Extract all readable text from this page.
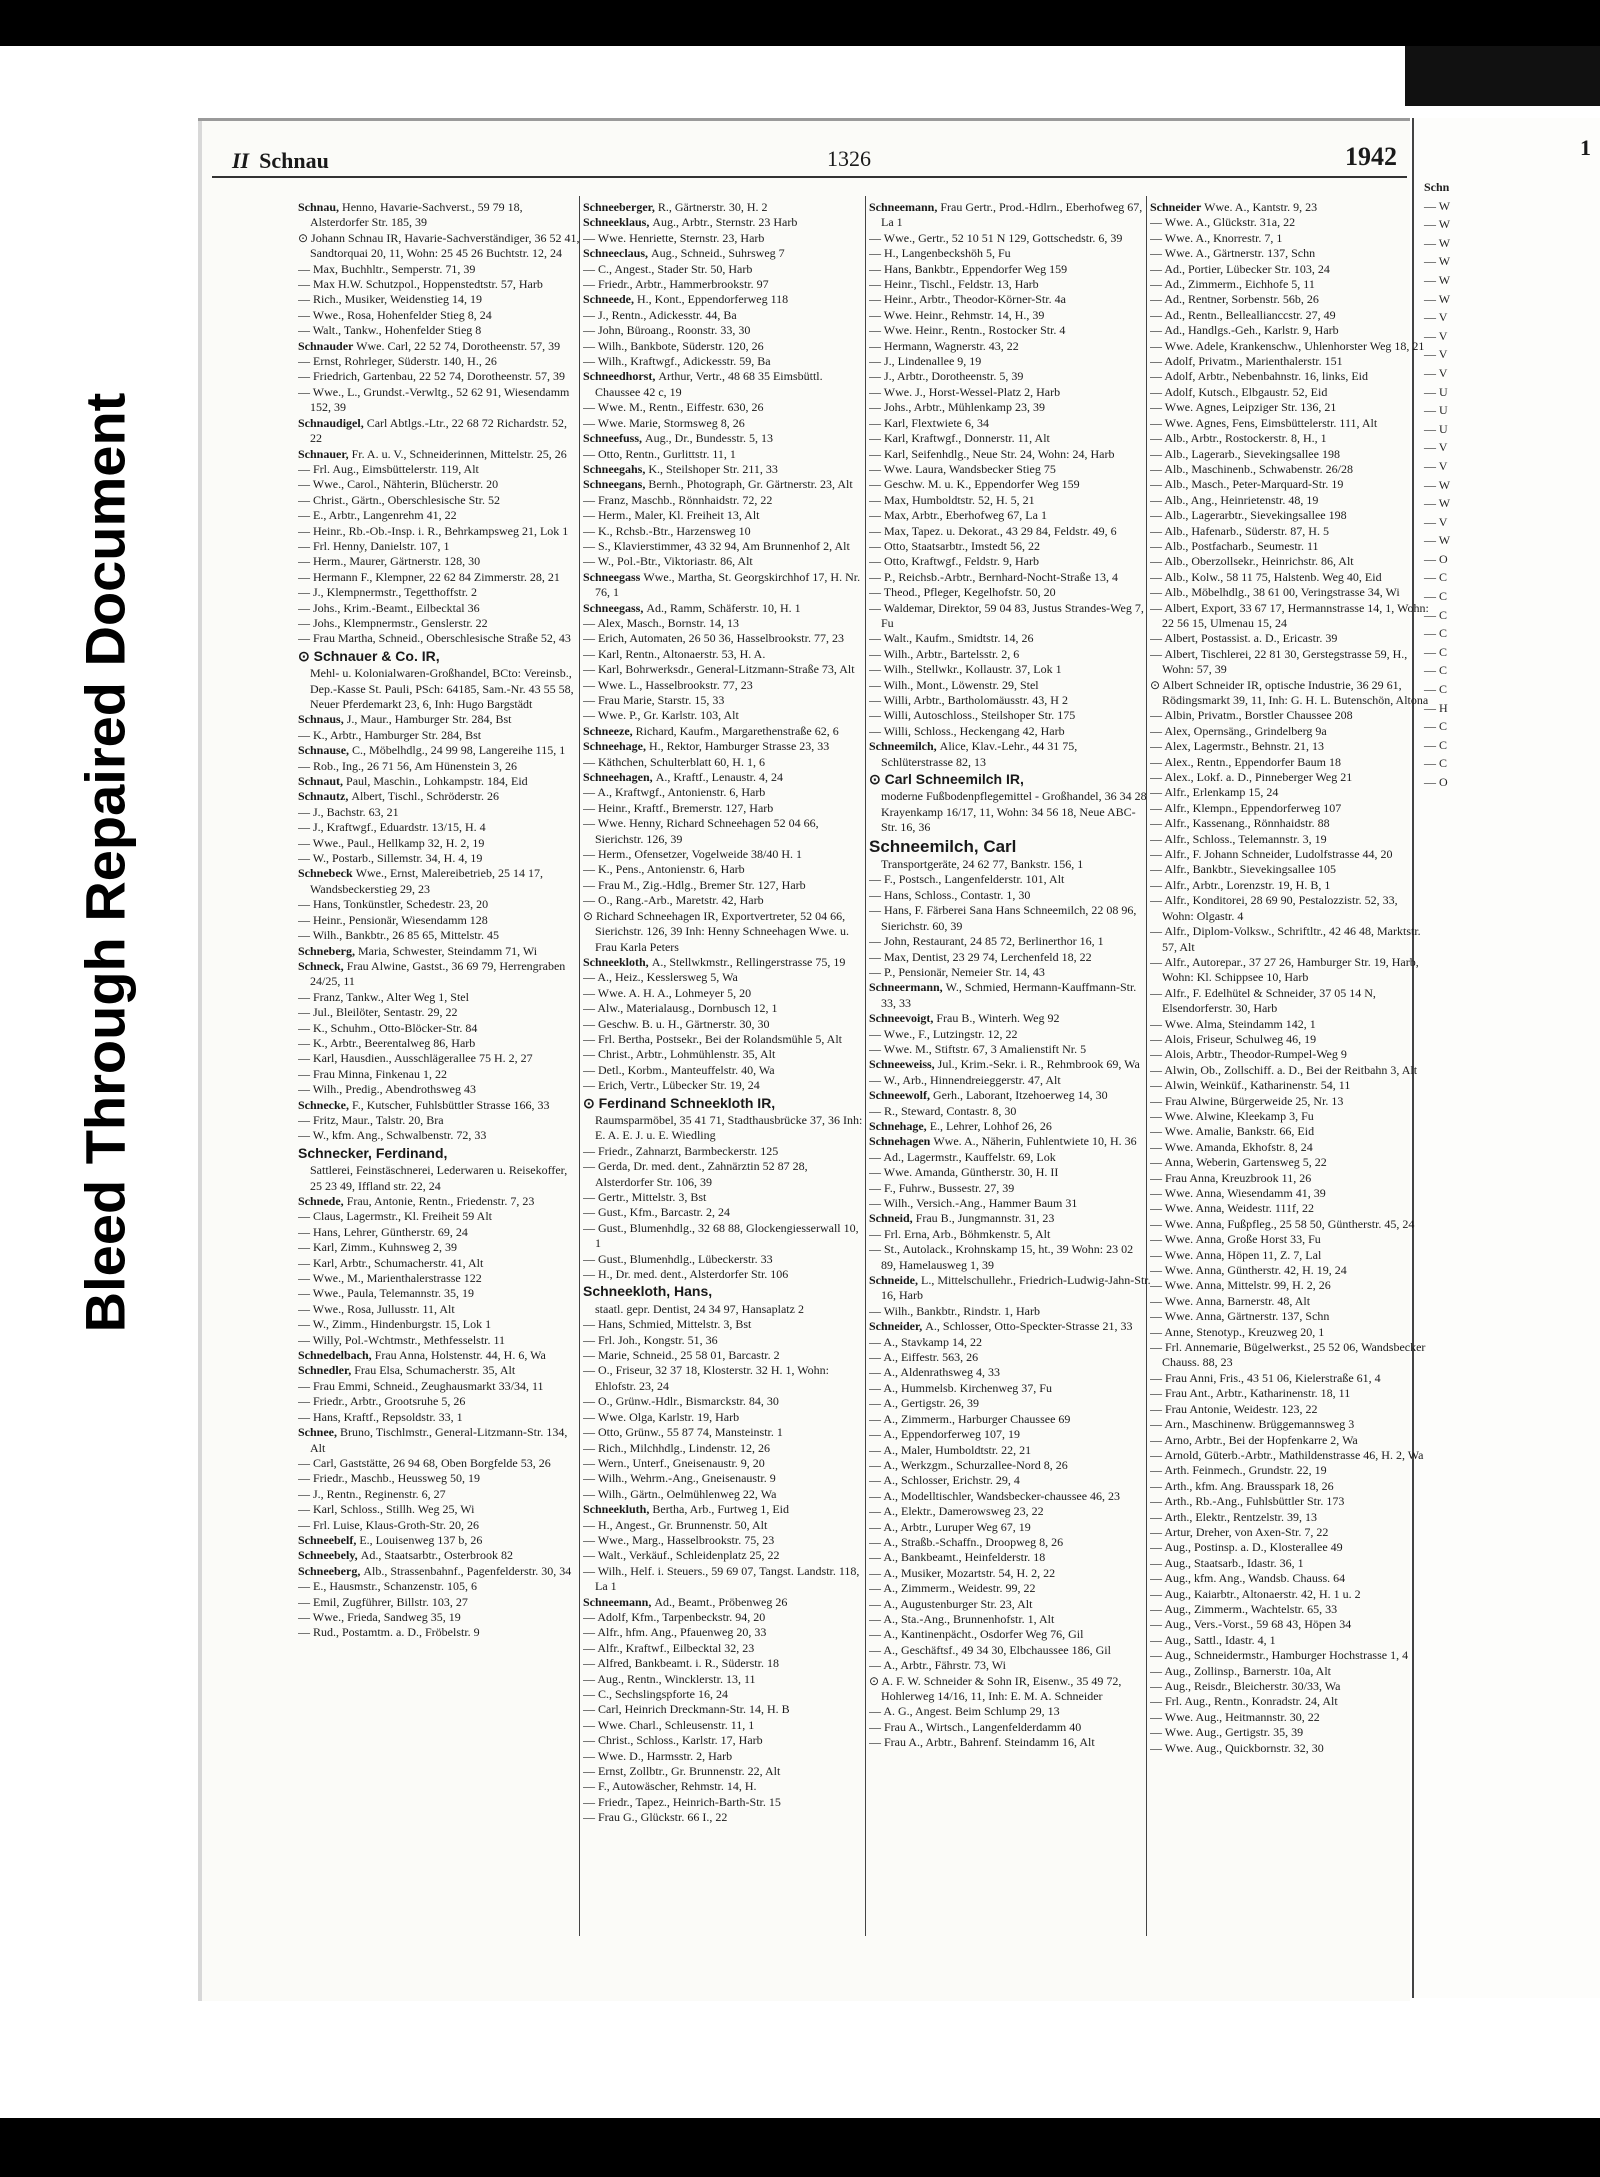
Bleed Through Repaired Document
1
Schn
— W
— W
— W
— W
— W
— W
— V
— V
— V
— V
— U
— U
— U
— V
— V
— W
— W
— V
— W
— O
— C
— C
— C
— C
— C
— C
— C
— H
— C
— C
— C
— O
II Schnau	1326	1942
Schnau, Henno, Havarie-Sachverst., 59 79 18, Alsterdorfer Str. 185, 39
⊙ Johann Schnau IR, Havarie-Sachverständiger, 36 52 41, Sandtorquai 20, 11, Wohn: 25 45 26 Buchtstr. 12, 24
— Max, Buchhltr., Semperstr. 71, 39
— Max H.W. Schutzpol., Hoppenstedtstr. 57, Harb
— Rich., Musiker, Weidenstieg 14, 19
— Wwe., Rosa, Hohenfelder Stieg 8, 24
— Walt., Tankw., Hohenfelder Stieg 8
Schnauder Wwe. Carl, 22 52 74, Dorotheenstr. 57, 39
— Ernst, Rohrleger, Süderstr. 140, H., 26
— Friedrich, Gartenbau, 22 52 74, Dorotheenstr. 57, 39
— Wwe., L., Grundst.-Verwltg., 52 62 91, Wiesendamm 152, 39
Schnaudigel, Carl Abtlgs.-Ltr., 22 68 72 Richardstr. 52, 22
Schnauer, Fr. A. u. V., Schneiderinnen, Mittelstr. 25, 26
— Frl. Aug., Eimsbüttelerstr. 119, Alt
— Wwe., Carol., Nähterin, Blücherstr. 20
— Christ., Gärtn., Oberschlesische Str. 52
— E., Arbtr., Langenrehm 41, 22
— Heinr., Rb.-Ob.-Insp. i. R., Behrkampsweg 21, Lok 1
— Frl. Henny, Danielstr. 107, 1
— Herm., Maurer, Gärtnerstr. 128, 30
— Hermann F., Klempner, 22 62 84 Zimmerstr. 28, 21
— J., Klempnermstr., Tegetthoffstr. 2
— Johs., Krim.-Beamt., Eilbecktal 36
— Johs., Klempnermstr., Genslerstr. 22
— Frau Martha, Schneid., Oberschlesische Straße 52, 43
⊙ Schnauer & Co. IR,
Mehl- u. Kolonialwaren-Großhandel, BCto: Vereinsb., Dep.-Kasse St. Pauli, PSch: 64185, Sam.-Nr. 43 55 58, Neuer Pferdemarkt 23, 6, Inh: Hugo Bargstädt
Schnaus, J., Maur., Hamburger Str. 284, Bst
— K., Arbtr., Hamburger Str. 284, Bst
Schnause, C., Möbelhdlg., 24 99 98, Langereihe 115, 1
— Rob., Ing., 26 71 56, Am Hünenstein 3, 26
Schnaut, Paul, Maschin., Lohkampstr. 184, Eid
Schnautz, Albert, Tischl., Schröderstr. 26
— J., Bachstr. 63, 21
— J., Kraftwgf., Eduardstr. 13/15, H. 4
— Wwe., Paul., Hellkamp 32, H. 2, 19
— W., Postarb., Sillemstr. 34, H. 4, 19
Schnebeck Wwe., Ernst, Malereibetrieb, 25 14 17, Wandsbeckerstieg 29, 23
— Hans, Tonkünstler, Schedestr. 23, 20
— Heinr., Pensionär, Wiesendamm 128
— Wilh., Bankbtr., 26 85 65, Mittelstr. 45
Schneberg, Maria, Schwester, Steindamm 71, Wi
Schneck, Frau Alwine, Gastst., 36 69 79, Herrengraben 24/25, 11
— Franz, Tankw., Alter Weg 1, Stel
— Jul., Bleilöter, Sentastr. 29, 22
— K., Schuhm., Otto-Blöcker-Str. 84
— K., Arbtr., Beerentalweg 86, Harb
— Karl, Hausdien., Ausschlägerallee 75 H. 2, 27
— Frau Minna, Finkenau 1, 22
— Wilh., Predig., Abendrothsweg 43
Schnecke, F., Kutscher, Fuhlsbüttler Strasse 166, 33
— Fritz, Maur., Talstr. 20, Bra
— W., kfm. Ang., Schwalbenstr. 72, 33
Schnecker, Ferdinand,
Sattlerei, Feinstäschnerei, Lederwaren u. Reisekoffer, 25 23 49, Iffland str. 22, 24
Schnede, Frau, Antonie, Rentn., Friedenstr. 7, 23
— Claus, Lagermstr., Kl. Freiheit 59 Alt
— Hans, Lehrer, Güntherstr. 69, 24
— Karl, Zimm., Kuhnsweg 2, 39
— Karl, Arbtr., Schumacherstr. 41, Alt
— Wwe., M., Marienthalerstrasse 122
— Wwe., Paula, Telemannstr. 35, 19
— Wwe., Rosa, Jullusstr. 11, Alt
— W., Zimm., Hindenburgstr. 15, Lok 1
— Willy, Pol.-Wchtmstr., Methfesselstr. 11
Schnedelbach, Frau Anna, Holstenstr. 44, H. 6, Wa
Schnedler, Frau Elsa, Schumacherstr. 35, Alt
— Frau Emmi, Schneid., Zeughausmarkt 33/34, 11
— Friedr., Arbtr., Grootsruhe 5, 26
— Hans, Kraftf., Repsoldstr. 33, 1
Schnee, Bruno, Tischlmstr., General-Litzmann-Str. 134, Alt
— Carl, Gaststätte, 26 94 68, Oben Borgfelde 53, 26
— Friedr., Maschb., Heussweg 50, 19
— J., Rentn., Reginenstr. 6, 27
— Karl, Schloss., Stillh. Weg 25, Wi
— Frl. Luise, Klaus-Groth-Str. 20, 26
Schneebelf, E., Louisenweg 137 b, 26
Schneebely, Ad., Staatsarbtr., Osterbrook 82
Schneeberg, Alb., Strassenbahnf., Pagenfelderstr. 30, 34
— E., Hausmstr., Schanzenstr. 105, 6
— Emil, Zugführer, Billstr. 103, 27
— Wwe., Frieda, Sandweg 35, 19
— Rud., Postamtm. a. D., Fröbelstr. 9
Schneeberger, R., Gärtnerstr. 30, H. 2
Schneeklaus, Aug., Arbtr., Sternstr. 23 Harb
— Wwe. Henriette, Sternstr. 23, Harb
Schneeclaus, Aug., Schneid., Suhrsweg 7
— C., Angest., Stader Str. 50, Harb
— Friedr., Arbtr., Hammerbrookstr. 97
Schneede, H., Kont., Eppendorferweg 118
— J., Rentn., Adickesstr. 44, Ba
— John, Büroang., Roonstr. 33, 30
— Wilh., Bankbote, Süderstr. 120, 26
— Wilh., Kraftwgf., Adickesstr. 59, Ba
Schneedhorst, Arthur, Vertr., 48 68 35 Eimsbüttl. Chaussee 42 c, 19
— Wwe. M., Rentn., Eiffestr. 630, 26
— Wwe. Marie, Stormsweg 8, 26
Schneefuss, Aug., Dr., Bundesstr. 5, 13
— Otto, Rentn., Gurlittstr. 11, 1
Schneegahs, K., Steilshoper Str. 211, 33
Schneegans, Bernh., Photograph, Gr. Gärtnerstr. 23, Alt
— Franz, Maschb., Rönnhaidstr. 72, 22
— Herm., Maler, Kl. Freiheit 13, Alt
— K., Rchsb.-Btr., Harzensweg 10
— S., Klavierstimmer, 43 32 94, Am Brunnenhof 2, Alt
— W., Pol.-Btr., Viktoriastr. 86, Alt
Schneegass Wwe., Martha, St. Georgskirchhof 17, H. Nr. 76, 1
Schneegass, Ad., Ramm, Schäferstr. 10, H. 1
— Alex, Masch., Bornstr. 14, 13
— Erich, Automaten, 26 50 36, Hasselbrookstr. 77, 23
— Karl, Rentn., Altonaerstr. 53, H. A.
— Karl, Bohrwerksdr., General-Litzmann-Straße 73, Alt
— Wwe. L., Hasselbrookstr. 77, 23
— Frau Marie, Starstr. 15, 33
— Wwe. P., Gr. Karlstr. 103, Alt
Schneeze, Richard, Kaufm., Margarethenstraße 62, 6
Schneehage, H., Rektor, Hamburger Strasse 23, 33
— Käthchen, Schulterblatt 60, H. 1, 6
Schneehagen, A., Kraftf., Lenaustr. 4, 24
— A., Kraftwgf., Antonienstr. 6, Harb
— Heinr., Kraftf., Bremerstr. 127, Harb
— Wwe. Henny, Richard Schneehagen 52 04 66, Sierichstr. 126, 39
— Herm., Ofensetzer, Vogelweide 38/40 H. 1
— K., Pens., Antonienstr. 6, Harb
— Frau M., Zig.-Hdlg., Bremer Str. 127, Harb
— O., Rang.-Arb., Maretstr. 42, Harb
⊙ Richard Schneehagen IR, Exportvertreter, 52 04 66, Sierichstr. 126, 39 Inh: Henny Schneehagen Wwe. u. Frau Karla Peters
Schneekloth, A., Stellwkmstr., Rellingerstrasse 75, 19
— A., Heiz., Kesslersweg 5, Wa
— Wwe. A. H. A., Lohmeyer 5, 20
— Alw., Materialausg., Dornbusch 12, 1
— Geschw. B. u. H., Gärtnerstr. 30, 30
— Frl. Bertha, Postsekr., Bei der Rolandsmühle 5, Alt
— Christ., Arbtr., Lohmühlenstr. 35, Alt
— Detl., Korbm., Manteuffelstr. 40, Wa
— Erich, Vertr., Lübecker Str. 19, 24
⊙ Ferdinand Schneekloth IR,
Raumsparmöbel, 35 41 71, Stadthausbrücke 37, 36 Inh: E. A. E. J. u. E. Wiedling
— Friedr., Zahnarzt, Barmbeckerstr. 125
— Gerda, Dr. med. dent., Zahnärztin 52 87 28, Alsterdorfer Str. 106, 39
— Gertr., Mittelstr. 3, Bst
— Gust., Kfm., Barcastr. 2, 24
— Gust., Blumenhdlg., 32 68 88, Glockengiesserwall 10, 1
— Gust., Blumenhdlg., Lübeckerstr. 33
— H., Dr. med. dent., Alsterdorfer Str. 106
Schneekloth, Hans,
staatl. gepr. Dentist, 24 34 97, Hansaplatz 2
— Hans, Schmied, Mittelstr. 3, Bst
— Frl. Joh., Kongstr. 51, 36
— Marie, Schneid., 25 58 01, Barcastr. 2
— O., Friseur, 32 37 18, Klosterstr. 32 H. 1, Wohn: Ehlofstr. 23, 24
— O., Grünw.-Hdlr., Bismarckstr. 84, 30
— Wwe. Olga, Karlstr. 19, Harb
— Otto, Grünw., 55 87 74, Mansteinstr. 1
— Rich., Milchhdlg., Lindenstr. 12, 26
— Wern., Unterf., Gneisenaustr. 9, 20
— Wilh., Wehrm.-Ang., Gneisenaustr. 9
— Wilh., Gärtn., Oelmühlenweg 22, Wa
Schneekluth, Bertha, Arb., Furtweg 1, Eid
— H., Angest., Gr. Brunnenstr. 50, Alt
— Wwe., Marg., Hasselbrookstr. 75, 23
— Walt., Verkäuf., Schleidenplatz 25, 22
— Wilh., Helf. i. Steuers., 59 69 07, Tangst. Landstr. 118, La 1
Schneemann, Ad., Beamt., Pröbenweg 26
— Adolf, Kfm., Tarpenbeckstr. 94, 20
— Alfr., hfm. Ang., Pfauenweg 20, 33
— Alfr., Kraftwf., Eilbecktal 32, 23
— Alfred, Bankbeamt. i. R., Süderstr. 18
— Aug., Rentn., Wincklerstr. 13, 11
— C., Sechslingspforte 16, 24
— Carl, Heinrich Dreckmann-Str. 14, H. B
— Wwe. Charl., Schleusenstr. 11, 1
— Christ., Schloss., Karlstr. 17, Harb
— Wwe. D., Harmsstr. 2, Harb
— Ernst, Zollbtr., Gr. Brunnenstr. 22, Alt
— F., Autowäscher, Rehmstr. 14, H.
— Friedr., Tapez., Heinrich-Barth-Str. 15
— Frau G., Glückstr. 66 I., 22
Schneemann, Frau Gertr., Prod.-Hdlrn., Eberhofweg 67, La 1
— Wwe., Gertr., 52 10 51 N 129, Gottschedstr. 6, 39
— H., Langenbeckshöh 5, Fu
— Hans, Bankbtr., Eppendorfer Weg 159
— Heinr., Tischl., Feldstr. 13, Harb
— Heinr., Arbtr., Theodor-Körner-Str. 4a
— Wwe. Heinr., Rehmstr. 14, H., 39
— Wwe. Heinr., Rentn., Rostocker Str. 4
— Hermann, Wagnerstr. 43, 22
— J., Lindenallee 9, 19
— J., Arbtr., Dorotheenstr. 5, 39
— Wwe. J., Horst-Wessel-Platz 2, Harb
— Johs., Arbtr., Mühlenkamp 23, 39
— Karl, Flextwiete 6, 34
— Karl, Kraftwgf., Donnerstr. 11, Alt
— Karl, Seifenhdlg., Neue Str. 24, Wohn: 24, Harb
— Wwe. Laura, Wandsbecker Stieg 75
— Geschw. M. u. K., Eppendorfer Weg 159
— Max, Humboldtstr. 52, H. 5, 21
— Max, Arbtr., Eberhofweg 67, La 1
— Max, Tapez. u. Dekorat., 43 29 84, Feldstr. 49, 6
— Otto, Staatsarbtr., Imstedt 56, 22
— Otto, Kraftwgf., Feldstr. 9, Harb
— P., Reichsb.-Arbtr., Bernhard-Nocht-Straße 13, 4
— Theod., Pfleger, Kegelhofstr. 50, 20
— Waldemar, Direktor, 59 04 83, Justus Strandes-Weg 7, Fu
— Walt., Kaufm., Smidtstr. 14, 26
— Wilh., Arbtr., Bartelsstr. 2, 6
— Wilh., Stellwkr., Kollaustr. 37, Lok 1
— Wilh., Mont., Löwenstr. 29, Stel
— Willi, Arbtr., Bartholomäusstr. 43, H 2
— Willi, Autoschloss., Steilshoper Str. 175
— Willi, Schloss., Heckengang 42, Harb
Schneemilch, Alice, Klav.-Lehr., 44 31 75, Schlüterstrasse 82, 13
⊙ Carl Schneemilch IR,
moderne Fußbodenpflegemittel - Großhandel, 36 34 28 Krayenkamp 16/17, 11, Wohn: 34 56 18, Neue ABC-Str. 16, 36
Schneemilch, Carl
Transportgeräte, 24 62 77, Bankstr. 156, 1
— F., Postsch., Langenfelderstr. 101, Alt
— Hans, Schloss., Contastr. 1, 30
— Hans, F. Färberei Sana Hans Schneemilch, 22 08 96, Sierichstr. 60, 39
— John, Restaurant, 24 85 72, Berlinerthor 16, 1
— Max, Dentist, 23 29 74, Lerchenfeld 18, 22
— P., Pensionär, Nemeier Str. 14, 43
Schneermann, W., Schmied, Hermann-Kauffmann-Str. 33, 33
Schneevoigt, Frau B., Winterh. Weg 92
— Wwe., F., Lutzingstr. 12, 22
— Wwe. M., Stiftstr. 67, 3 Amalienstift Nr. 5
Schneeweiss, Jul., Krim.-Sekr. i. R., Rehmbrook 69, Wa
— W., Arb., Hinnendreieggerstr. 47, Alt
Schneewolf, Gerh., Laborant, Itzehoerweg 14, 30
— R., Steward, Contastr. 8, 30
Schnehage, E., Lehrer, Lohhof 26, 26
Schnehagen Wwe. A., Näherin, Fuhlentwiete 10, H. 36
— Ad., Lagermstr., Kauffelstr. 69, Lok
— Wwe. Amanda, Güntherstr. 30, H. II
— F., Fuhrw., Bussestr. 27, 39
— Wilh., Versich.-Ang., Hammer Baum 31
Schneid, Frau B., Jungmannstr. 31, 23
— Frl. Erna, Arb., Böhmkenstr. 5, Alt
— St., Autolack., Krohnskamp 15, ht., 39 Wohn: 23 02 89, Hamelausweg 1, 39
Schneide, L., Mittelschullehr., Friedrich-Ludwig-Jahn-Str. 16, Harb
— Wilh., Bankbtr., Rindstr. 1, Harb
Schneider, A., Schlosser, Otto-Speckter-Strasse 21, 33
— A., Stavkamp 14, 22
— A., Eiffestr. 563, 26
— A., Aldenrathsweg 4, 33
— A., Hummelsb. Kirchenweg 37, Fu
— A., Gertigstr. 26, 39
— A., Zimmerm., Harburger Chaussee 69
— A., Eppendorferweg 107, 19
— A., Maler, Humboldtstr. 22, 21
— A., Werkzgm., Schurzallee-Nord 8, 26
— A., Schlosser, Erichstr. 29, 4
— A., Modelltischler, Wandsbecker-chaussee 46, 23
— A., Elektr., Damerowsweg 23, 22
— A., Arbtr., Luruper Weg 67, 19
— A., Straßb.-Schaffn., Droopweg 8, 26
— A., Bankbeamt., Heinfelderstr. 18
— A., Musiker, Mozartstr. 54, H. 2, 22
— A., Zimmerm., Weidestr. 99, 22
— A., Augustenburger Str. 23, Alt
— A., Sta.-Ang., Brunnenhofstr. 1, Alt
— A., Kantinenpächt., Osdorfer Weg 76, Gil
— A., Geschäftsf., 49 34 30, Elbchaussee 186, Gil
— A., Arbtr., Fährstr. 73, Wi
⊙ A. F. W. Schneider & Sohn IR, Eisenw., 35 49 72, Hohlerweg 14/16, 11, Inh: E. M. A. Schneider
— A. G., Angest. Beim Schlump 29, 13
— Frau A., Wirtsch., Langenfelderdamm 40
— Frau A., Arbtr., Bahrenf. Steindamm 16, Alt
Schneider Wwe. A., Kantstr. 9, 23
— Wwe. A., Glückstr. 31a, 22
— Wwe. A., Knorrestr. 7, 1
— Wwe. A., Gärtnerstr. 137, Schn
— Ad., Portier, Lübecker Str. 103, 24
— Ad., Zimmerm., Eichhofe 5, 11
— Ad., Rentner, Sorbenstr. 56b, 26
— Ad., Rentn., Belleallianccstr. 27, 49
— Ad., Handlgs.-Geh., Karlstr. 9, Harb
— Wwe. Adele, Krankenschw., Uhlenhorster Weg 18, 21
— Adolf, Privatm., Marienthalerstr. 151
— Adolf, Arbtr., Nebenbahnstr. 16, links, Eid
— Adolf, Kutsch., Elbgaustr. 52, Eid
— Wwe. Agnes, Leipziger Str. 136, 21
— Wwe. Agnes, Fens, Eimsbüttelerstr. 111, Alt
— Alb., Arbtr., Rostockerstr. 8, H., 1
— Alb., Lagerarb., Sievekingsallee 198
— Alb., Maschinenb., Schwabenstr. 26/28
— Alb., Masch., Peter-Marquard-Str. 19
— Alb., Ang., Heinrietenstr. 48, 19
— Alb., Lagerarbtr., Sievekingsallee 198
— Alb., Hafenarb., Süderstr. 87, H. 5
— Alb., Postfacharb., Seumestr. 11
— Alb., Oberzollsekr., Heinrichstr. 86, Alt
— Alb., Kolw., 58 11 75, Halstenb. Weg 40, Eid
— Alb., Möbelhdlg., 38 61 00, Veringstrasse 34, Wi
— Albert, Export, 33 67 17, Hermannstrasse 14, 1, Wohn: 22 56 15, Ulmenau 15, 24
— Albert, Postassist. a. D., Ericastr. 39
— Albert, Tischlerei, 22 81 30, Gerstegstrasse 59, H., Wohn: 57, 39
⊙ Albert Schneider IR, optische Industrie, 36 29 61, Rödingsmarkt 39, 11, Inh: G. H. L. Butenschön, Altona
— Albin, Privatm., Borstler Chaussee 208
— Alex, Opernsäng., Grindelberg 9a
— Alex, Lagermstr., Behnstr. 21, 13
— Alex., Rentn., Eppendorfer Baum 18
— Alex., Lokf. a. D., Pinneberger Weg 21
— Alfr., Erlenkamp 15, 24
— Alfr., Klempn., Eppendorferweg 107
— Alfr., Kassenang., Rönnhaidstr. 88
— Alfr., Schloss., Telemannstr. 3, 19
— Alfr., F. Johann Schneider, Ludolfstrasse 44, 20
— Alfr., Bankbtr., Sievekingsallee 105
— Alfr., Arbtr., Lorenzstr. 19, H. B, 1
— Alfr., Konditorei, 28 69 90, Pestalozzistr. 52, 33, Wohn: Olgastr. 4
— Alfr., Diplom-Volksw., Schriftltr., 42 46 48, Marktstr. 57, Alt
— Alfr., Autorepar., 37 27 26, Hamburger Str. 19, Harb, Wohn: Kl. Schippsee 10, Harb
— Alfr., F. Edelhütel & Schneider, 37 05 14 N, Elsendorferstr. 30, Harb
— Wwe. Alma, Steindamm 142, 1
— Alois, Friseur, Schulweg 46, 19
— Alois, Arbtr., Theodor-Rumpel-Weg 9
— Alwin, Ob., Zollschiff. a. D., Bei der Reitbahn 3, Alt
— Alwin, Weinküf., Katharinenstr. 54, 11
— Frau Alwine, Bürgerweide 25, Nr. 13
— Wwe. Alwine, Kleekamp 3, Fu
— Wwe. Amalie, Bankstr. 66, Eid
— Wwe. Amanda, Ekhofstr. 8, 24
— Anna, Weberin, Gartensweg 5, 22
— Frau Anna, Kreuzbrook 11, 26
— Wwe. Anna, Wiesendamm 41, 39
— Wwe. Anna, Weidestr. 111f, 22
— Wwe. Anna, Fußpfleg., 25 58 50, Güntherstr. 45, 24
— Wwe. Anna, Große Horst 33, Fu
— Wwe. Anna, Höpen 11, Z. 7, Lal
— Wwe. Anna, Güntherstr. 42, H. 19, 24
— Wwe. Anna, Mittelstr. 99, H. 2, 26
— Wwe. Anna, Barnerstr. 48, Alt
— Wwe. Anna, Gärtnerstr. 137, Schn
— Anne, Stenotyp., Kreuzweg 20, 1
— Frl. Annemarie, Bügelwerkst., 25 52 06, Wandsbecker Chauss. 88, 23
— Frau Anni, Fris., 43 51 06, Kielerstraße 61, 4
— Frau Ant., Arbtr., Katharinenstr. 18, 11
— Frau Antonie, Weidestr. 123, 22
— Arn., Maschinenw. Brüggemannsweg 3
— Arno, Arbtr., Bei der Hopfenkarre 2, Wa
— Arnold, Güterb.-Arbtr., Mathildenstrasse 46, H. 2, Wa
— Arth. Feinmech., Grundstr. 22, 19
— Arth., kfm. Ang. Brausspark 18, 26
— Arth., Rb.-Ang., Fuhlsbüttler Str. 173
— Arth., Elektr., Rentzelstr. 39, 13
— Artur, Dreher, von Axen-Str. 7, 22
— Aug., Postinsp. a. D., Klosterallee 49
— Aug., Staatsarb., Idastr. 36, 1
— Aug., kfm. Ang., Wandsb. Chauss. 64
— Aug., Kaiarbtr., Altonaerstr. 42, H. 1 u. 2
— Aug., Zimmerm., Wachtelstr. 65, 33
— Aug., Vers.-Vorst., 59 68 43, Höpen 34
— Aug., Sattl., Idastr. 4, 1
— Aug., Schneidermstr., Hamburger Hochstrasse 1, 4
— Aug., Zollinsp., Barnerstr. 10a, Alt
— Aug., Reisdr., Bleicherstr. 30/33, Wa
— Frl. Aug., Rentn., Konradstr. 24, Alt
— Wwe. Aug., Heitmannstr. 30, 22
— Wwe. Aug., Gertigstr. 35, 39
— Wwe. Aug., Quickbornstr. 32, 30
